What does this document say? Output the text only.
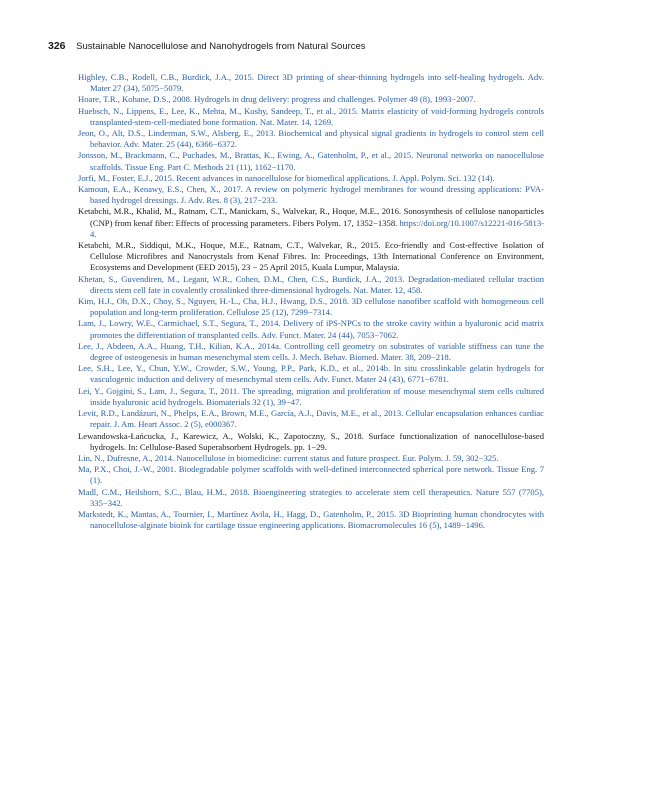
326 Sustainable Nanocellulose and Nanohydrogels from Natural Sources

Highley, C.B., Rodell, C.B., Burdick, J.A., 2015. Direct 3D printing of shear-thinning hydrogels into self-healing hydrogels. Adv. Mater 27 (34), 5075−5079.

Hoare, T.R., Kohane, D.S., 2008. Hydrogels in drug delivery: progress and challenges. Polymer 49 (8), 1993−2007.

Huebsch, N., Lippens, E., Lee, K., Mehta, M., Koshy, Sandeep, T., et al., 2015. Matrix elasticity of void-forming hydrogels controls transplanted-stem-cell-mediated bone formation. Nat. Mater. 14, 1269.

Jeon, O., Alt, D.S., Linderman, S.W., Alsberg, E., 2013. Biochemical and physical signal gradients in hydrogels to control stem cell behavior. Adv. Mater. 25 (44), 6366−6372.

Jonsson, M., Brackmann, C., Puchades, M., Brattas, K., Ewing, A., Gatenholm, P., et al., 2015. Neuronal networks on nanocellulose scaffolds. Tissue Eng. Part C. Methods 21 (11), 1162−1170.

Jorfi, M., Foster, E.J., 2015. Recent advances in nanocellulose for biomedical applications. J. Appl. Polym. Sci. 132 (14).

Kamoun, E.A., Kenawy, E.S., Chen, X., 2017. A review on polymeric hydrogel membranes for wound dressing applications: PVA-based hydrogel dressings. J. Adv. Res. 8 (3), 217−233.

Ketabchi, M.R., Khalid, M., Ratnam, C.T., Manickam, S., Walvekar, R., Hoque, M.E., 2016. Sonosynthesis of cellulose nanoparticles (CNP) from kenaf fiber: Effects of processing parameters. Fibers Polym. 17, 1352−1358. https://doi.org/10.1007/s12221-016-5813-4.

Ketabchi, M.R., Siddiqui, M.K., Hoque, M.E., Ratnam, C.T., Walvekar, R., 2015. Eco-friendly and Cost-effective Isolation of Cellulose Microfibres and Nanocrystals from Kenaf Fibres. In: Proceedings, 13th International Conference on Environment, Ecosystems and Development (EED 2015), 23 − 25 April 2015, Kuala Lumpur, Malaysia.

Khetan, S., Guvendiren, M., Legant, W.R., Cohen, D.M., Chen, C.S., Burdick, J.A., 2013. Degradation-mediated cellular traction directs stem cell fate in covalently crosslinked three-dimensional hydrogels. Nat. Mater. 12, 458.

Kim, H.J., Oh, D.X., Choy, S., Nguyen, H.-L., Cha, H.J., Hwang, D.S., 2018. 3D cellulose nanofiber scaffold with homogeneous cell population and long-term proliferation. Cellulose 25 (12), 7299−7314.

Lam, J., Lowry, W.E., Carmichael, S.T., Segura, T., 2014. Delivery of iPS-NPCs to the stroke cavity within a hyaluronic acid matrix promotes the differentiation of transplanted cells. Adv. Funct. Mater. 24 (44), 7053−7062.

Lee, J., Abdeen, A.A., Huang, T.H., Kilian, K.A., 2014a. Controlling cell geometry on substrates of variable stiffness can tune the degree of osteogenesis in human mesenchymal stem cells. J. Mech. Behav. Biomed. Mater. 38, 209−218.

Lee, S.H., Lee, Y., Chun, Y.W., Crowder, S.W., Young, P.P., Park, K.D., et al., 2014b. In situ crosslinkable gelatin hydrogels for vasculogenic induction and delivery of mesenchymal stem cells. Adv. Funct. Mater 24 (43), 6771−6781.

Lei, Y., Gojgini, S., Lam, J., Segura, T., 2011. The spreading, migration and proliferation of mouse mesenchymal stem cells cultured inside hyaluronic acid hydrogels. Biomaterials 32 (1), 39−47.

Levit, R.D., Landázuri, N., Phelps, E.A., Brown, M.E., García, A.J., Davis, M.E., et al., 2013. Cellular encapsulation enhances cardiac repair. J. Am. Heart Assoc. 2 (5), e000367.

Lewandowska-Łańcucka, J., Karewicz, A., Wolski, K., Zapotoczny, S., 2018. Surface functionalization of nanocellulose-based hydrogels. In: Cellulose-Based Superabsorbent Hydrogels. pp. 1−29.

Lin, N., Dufresne, A., 2014. Nanocellulose in biomedicine: current status and future prospect. Eur. Polym. J. 59, 302−325.

Ma, P.X., Choi, J.-W., 2001. Biodegradable polymer scaffolds with well-defined interconnected spherical pore network. Tissue Eng. 7 (1).

Madl, C.M., Heilshorn, S.C., Blau, H.M., 2018. Bioengineering strategies to accelerate stem cell therapeutics. Nature 557 (7705), 335−342.

Markstedt, K., Mantas, A., Tournier, I., Martínez Avila, H., Hagg, D., Gatenholm, P., 2015. 3D Bioprinting human chondrocytes with nanocellulose-alginate bioink for cartilage tissue engineering applications. Biomacromolecules 16 (5), 1489−1496.
